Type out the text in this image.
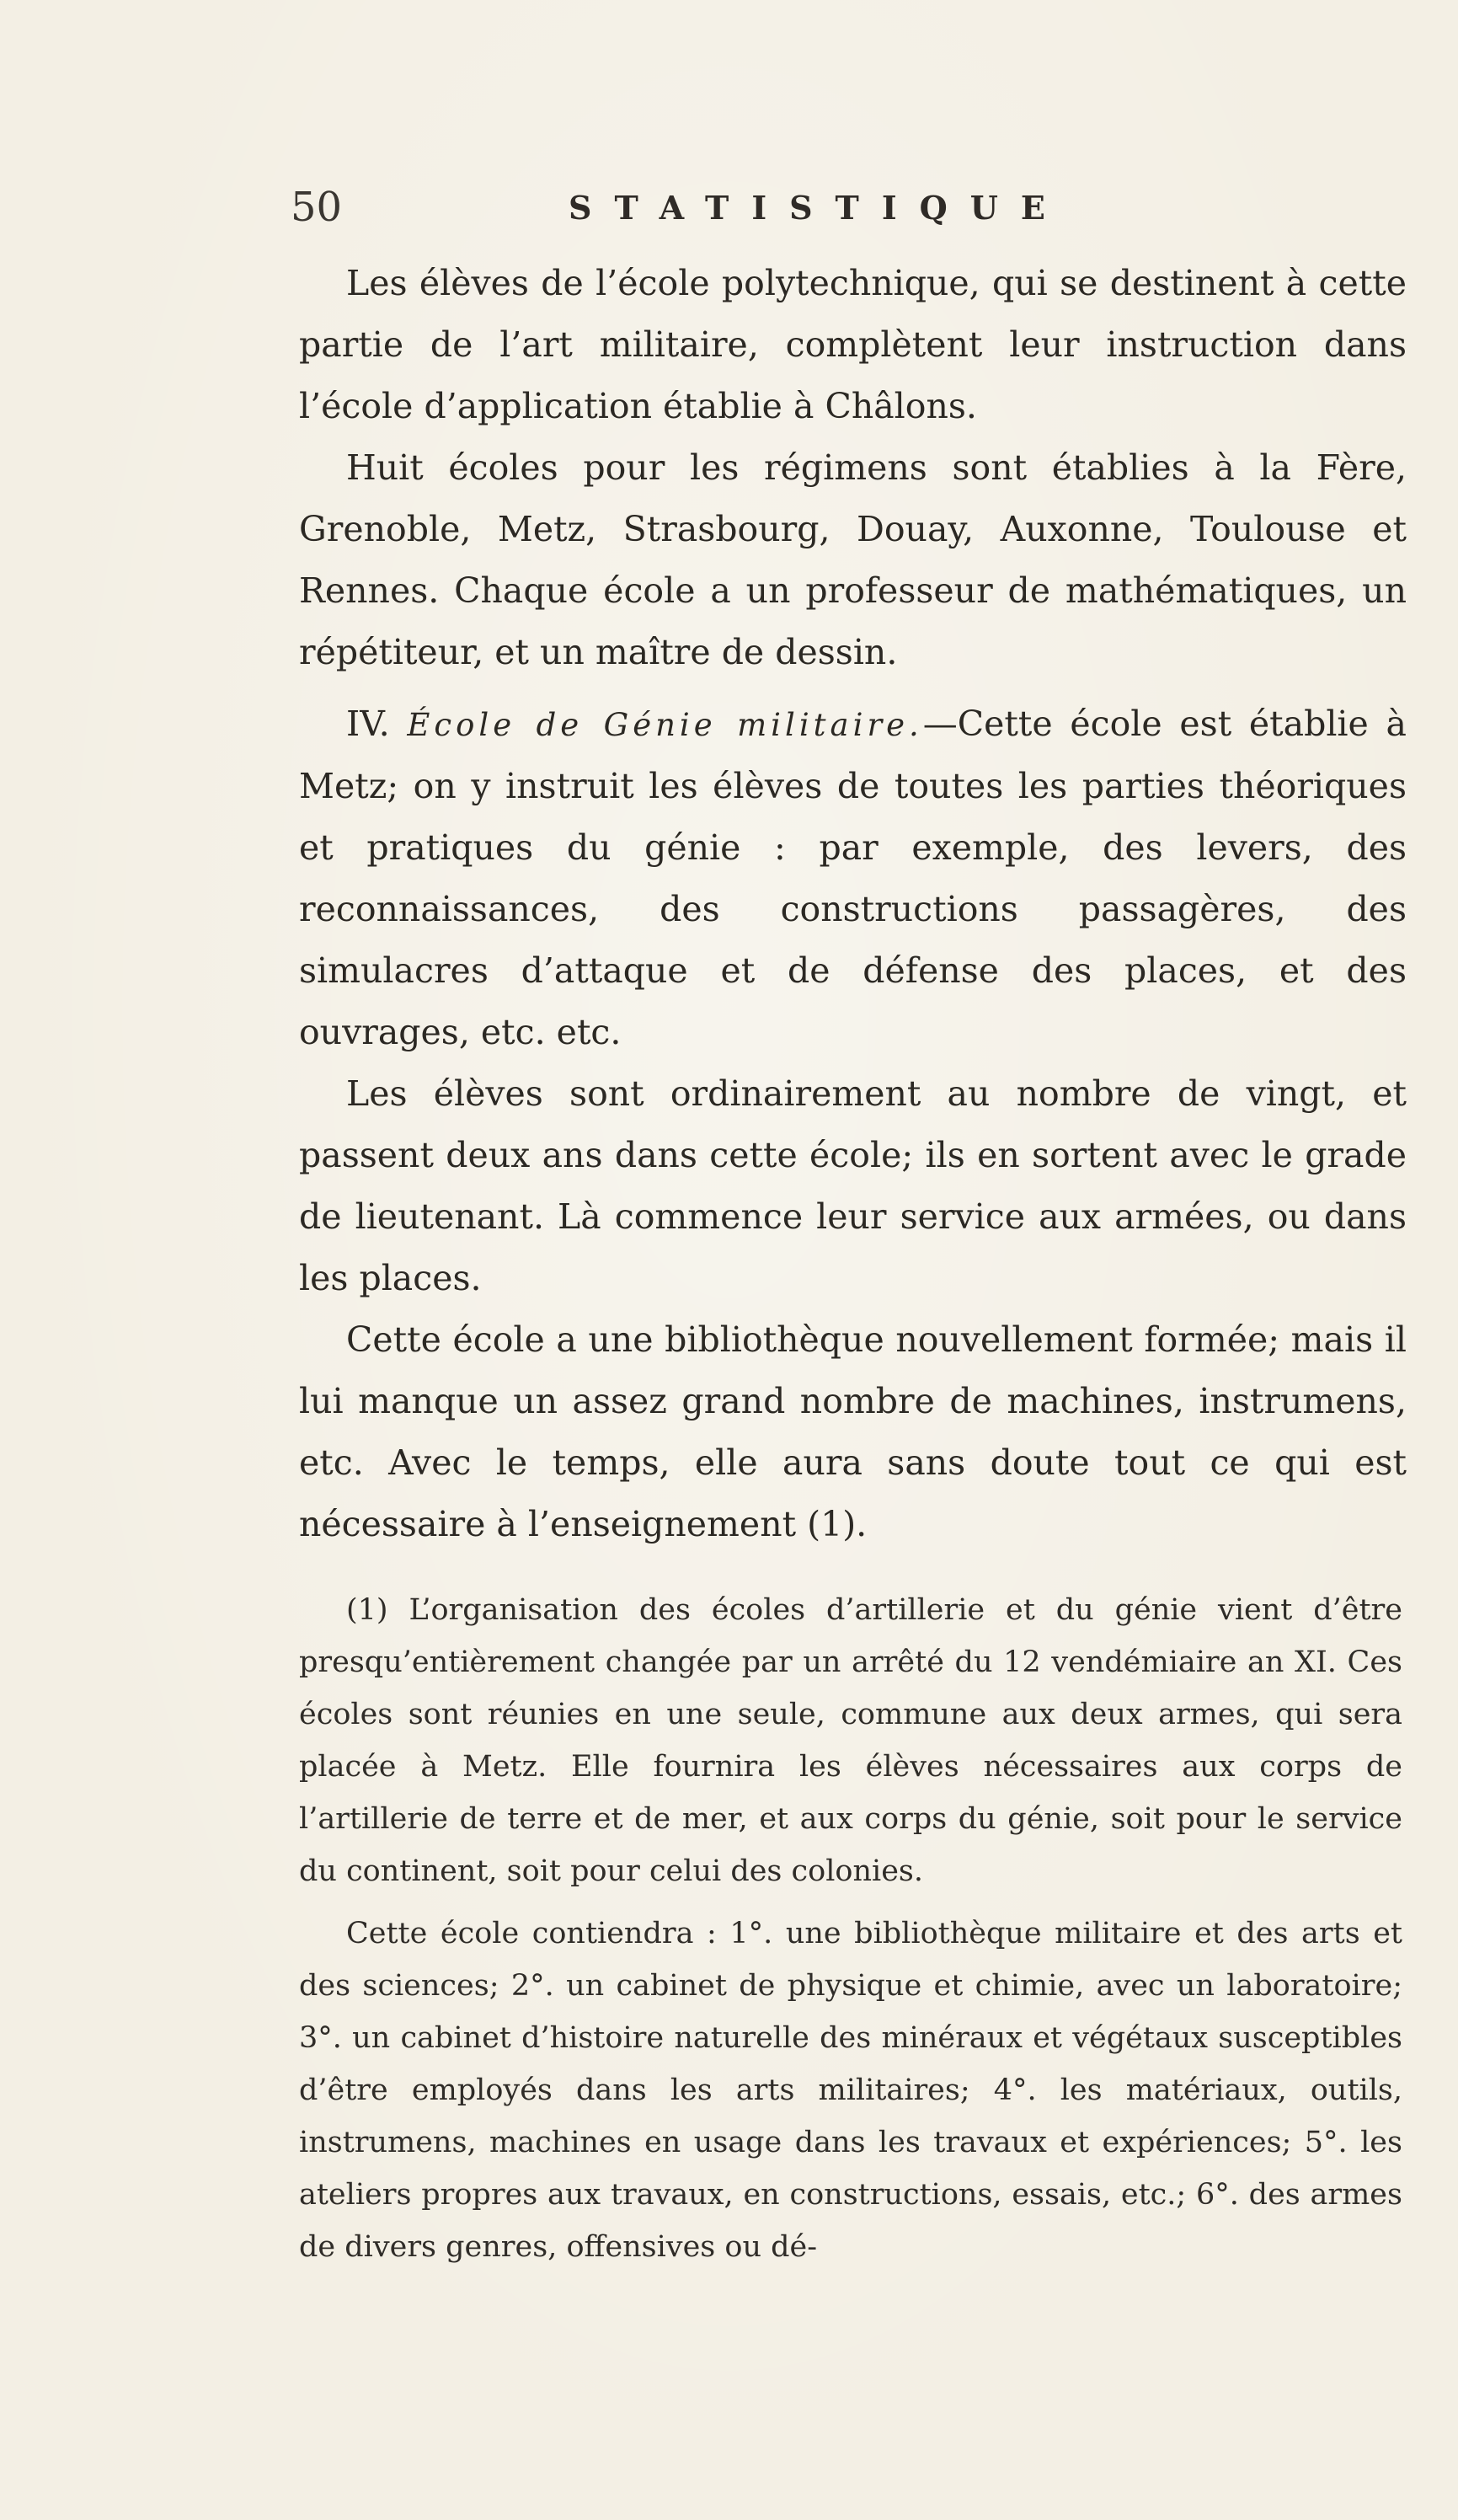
50	STATISTIQUE

Les élèves de l’école polytechnique, qui se destinent à cette partie de l’art militaire, complètent leur instruction dans l’école d’application établie à Châlons.

Huit écoles pour les régimens sont établies à la Fère, Grenoble, Metz, Strasbourg, Douay, Auxonne, Toulouse et Rennes. Chaque école a un professeur de mathématiques, un répétiteur, et un maître de dessin.

IV. École de Génie militaire.—Cette école est établie à Metz; on y instruit les élèves de toutes les parties théoriques et pratiques du génie : par exemple, des levers, des reconnaissances, des constructions passagères, des simulacres d’attaque et de défense des places, et des ouvrages, etc. etc.

Les élèves sont ordinairement au nombre de vingt, et passent deux ans dans cette école; ils en sortent avec le grade de lieutenant. Là commence leur service aux armées, ou dans les places.

Cette école a une bibliothèque nouvellement formée; mais il lui manque un assez grand nombre de machines, instrumens, etc. Avec le temps, elle aura sans doute tout ce qui est nécessaire à l’enseignement (1).

(1) L’organisation des écoles d’artillerie et du génie vient d’être presqu’entièrement changée par un arrêté du 12 vendémiaire an XI. Ces écoles sont réunies en une seule, commune aux deux armes, qui sera placée à Metz. Elle fournira les élèves nécessaires aux corps de l’artillerie de terre et de mer, et aux corps du génie, soit pour le service du continent, soit pour celui des colonies.

Cette école contiendra : 1°. une bibliothèque militaire et des arts et des sciences; 2°. un cabinet de physique et chimie, avec un laboratoire; 3°. un cabinet d’histoire naturelle des minéraux et végétaux susceptibles d’être employés dans les arts militaires; 4°. les matériaux, outils, instrumens, machines en usage dans les travaux et expériences; 5°. les ateliers propres aux travaux, en constructions, essais, etc.; 6°. des armes de divers genres, offensives ou dé-
